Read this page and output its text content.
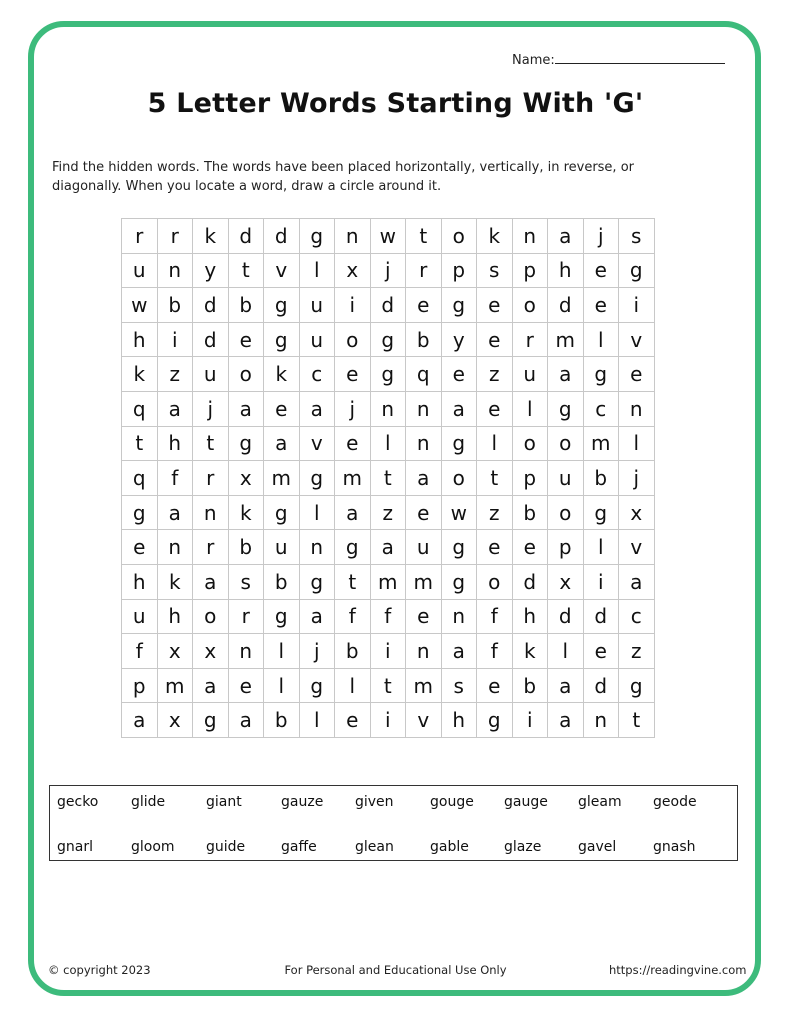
Name:
5 Letter Words Starting With 'G'
Find the hidden words. The words have been placed horizontally, vertically, in reverse, or diagonally. When you locate a word, draw a circle around it.
r	r	k	d	d	g	n	w	t	o	k	n	a	j	s
u	n	y	t	v	l	x	j	r	p	s	p	h	e	g
w	b	d	b	g	u	i	d	e	g	e	o	d	e	i
h	i	d	e	g	u	o	g	b	y	e	r	m	l	v
k	z	u	o	k	c	e	g	q	e	z	u	a	g	e
q	a	j	a	e	a	j	n	n	a	e	l	g	c	n
t	h	t	g	a	v	e	l	n	g	l	o	o	m	l
q	f	r	x	m	g	m	t	a	o	t	p	u	b	j
g	a	n	k	g	l	a	z	e	w	z	b	o	g	x
e	n	r	b	u	n	g	a	u	g	e	e	p	l	v
h	k	a	s	b	g	t	m	m	g	o	d	x	i	a
u	h	o	r	g	a	f	f	e	n	f	h	d	d	c
f	x	x	n	l	j	b	i	n	a	f	k	l	e	z
p	m	a	e	l	g	l	t	m	s	e	b	a	d	g
a	x	g	a	b	l	e	i	v	h	g	i	a	n	t
gecko glide	giant	gauze given	gouge gauge gleam geode
gnarl	gloom guide	gaffe	glean	gable	glaze	gavel	gnash
© copyright 2023	For Personal and Educational Use Only	https://readingvine.com
